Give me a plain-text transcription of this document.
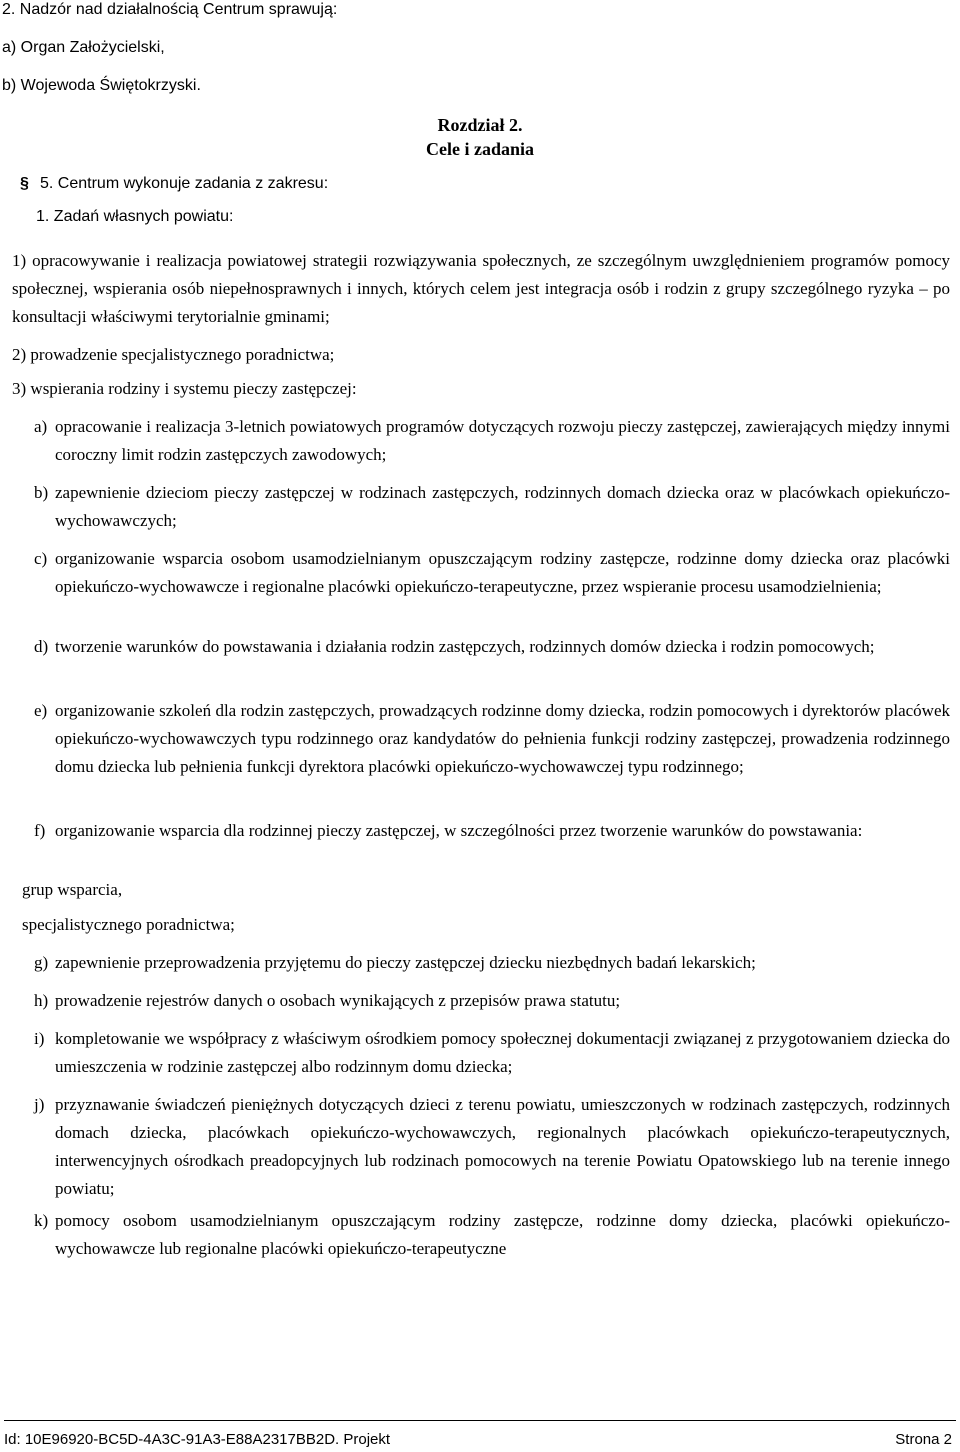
2. Nadzór nad działalnością Centrum sprawują:
a) Organ Założycielski,
b) Wojewoda Świętokrzyski.
Rozdział 2.
Cele i zadania
§ 5. Centrum wykonuje zadania z zakresu:
1. Zadań własnych powiatu:
1) opracowywanie i realizacja powiatowej strategii rozwiązywania społecznych, ze szczególnym uwzględnieniem programów pomocy społecznej, wspierania osób niepełnosprawnych i innych, których celem jest integracja osób i rodzin z grupy szczególnego ryzyka – po konsultacji właściwymi terytorialnie gminami;
2) prowadzenie specjalistycznego poradnictwa;
3) wspierania rodziny i systemu pieczy zastępczej:
a) opracowanie i realizacja 3-letnich powiatowych programów dotyczących rozwoju pieczy zastępczej, zawierających między innymi coroczny limit rodzin zastępczych zawodowych;
b) zapewnienie dzieciom pieczy zastępczej w rodzinach zastępczych, rodzinnych domach dziecka oraz w placówkach opiekuńczo-wychowawczych;
c) organizowanie wsparcia osobom usamodzielnianym opuszczającym rodziny zastępcze, rodzinne domy dziecka oraz placówki opiekuńczo-wychowawcze i regionalne placówki opiekuńczo-terapeutyczne, przez wspieranie procesu usamodzielnienia;
d) tworzenie warunków do powstawania i działania rodzin zastępczych, rodzinnych domów dziecka i rodzin pomocowych;
e) organizowanie szkoleń dla rodzin zastępczych, prowadzących rodzinne domy dziecka, rodzin pomocowych i dyrektorów placówek opiekuńczo-wychowawczych typu rodzinnego oraz kandydatów do pełnienia funkcji rodziny zastępczej, prowadzenia rodzinnego domu dziecka lub pełnienia funkcji dyrektora placówki opiekuńczo-wychowawczej typu rodzinnego;
f) organizowanie wsparcia dla rodzinnej pieczy zastępczej, w szczególności przez tworzenie warunków do powstawania:
grup wsparcia,
specjalistycznego poradnictwa;
g) zapewnienie przeprowadzenia przyjętemu do pieczy zastępczej dziecku niezbędnych badań lekarskich;
h) prowadzenie rejestrów danych o osobach wynikających z przepisów prawa statutu;
i) kompletowanie we współpracy z właściwym ośrodkiem pomocy społecznej dokumentacji związanej z przygotowaniem dziecka do umieszczenia w rodzinie zastępczej albo rodzinnym domu dziecka;
j) przyznawanie świadczeń pieniężnych dotyczących dzieci z terenu powiatu, umieszczonych w rodzinach zastępczych, rodzinnych domach dziecka, placówkach opiekuńczo-wychowawczych, regionalnych placówkach opiekuńczo-terapeutycznych, interwencyjnych ośrodkach preadopcyjnych lub rodzinach pomocowych na terenie Powiatu Opatowskiego lub na terenie innego powiatu;
k) pomocy osobom usamodzielnianym opuszczającym rodziny zastępcze, rodzinne domy dziecka, placówki opiekuńczo-wychowawcze lub regionalne placówki opiekuńczo-terapeutyczne
Id: 10E96920-BC5D-4A3C-91A3-E88A2317BB2D. Projekt	Strona 2
